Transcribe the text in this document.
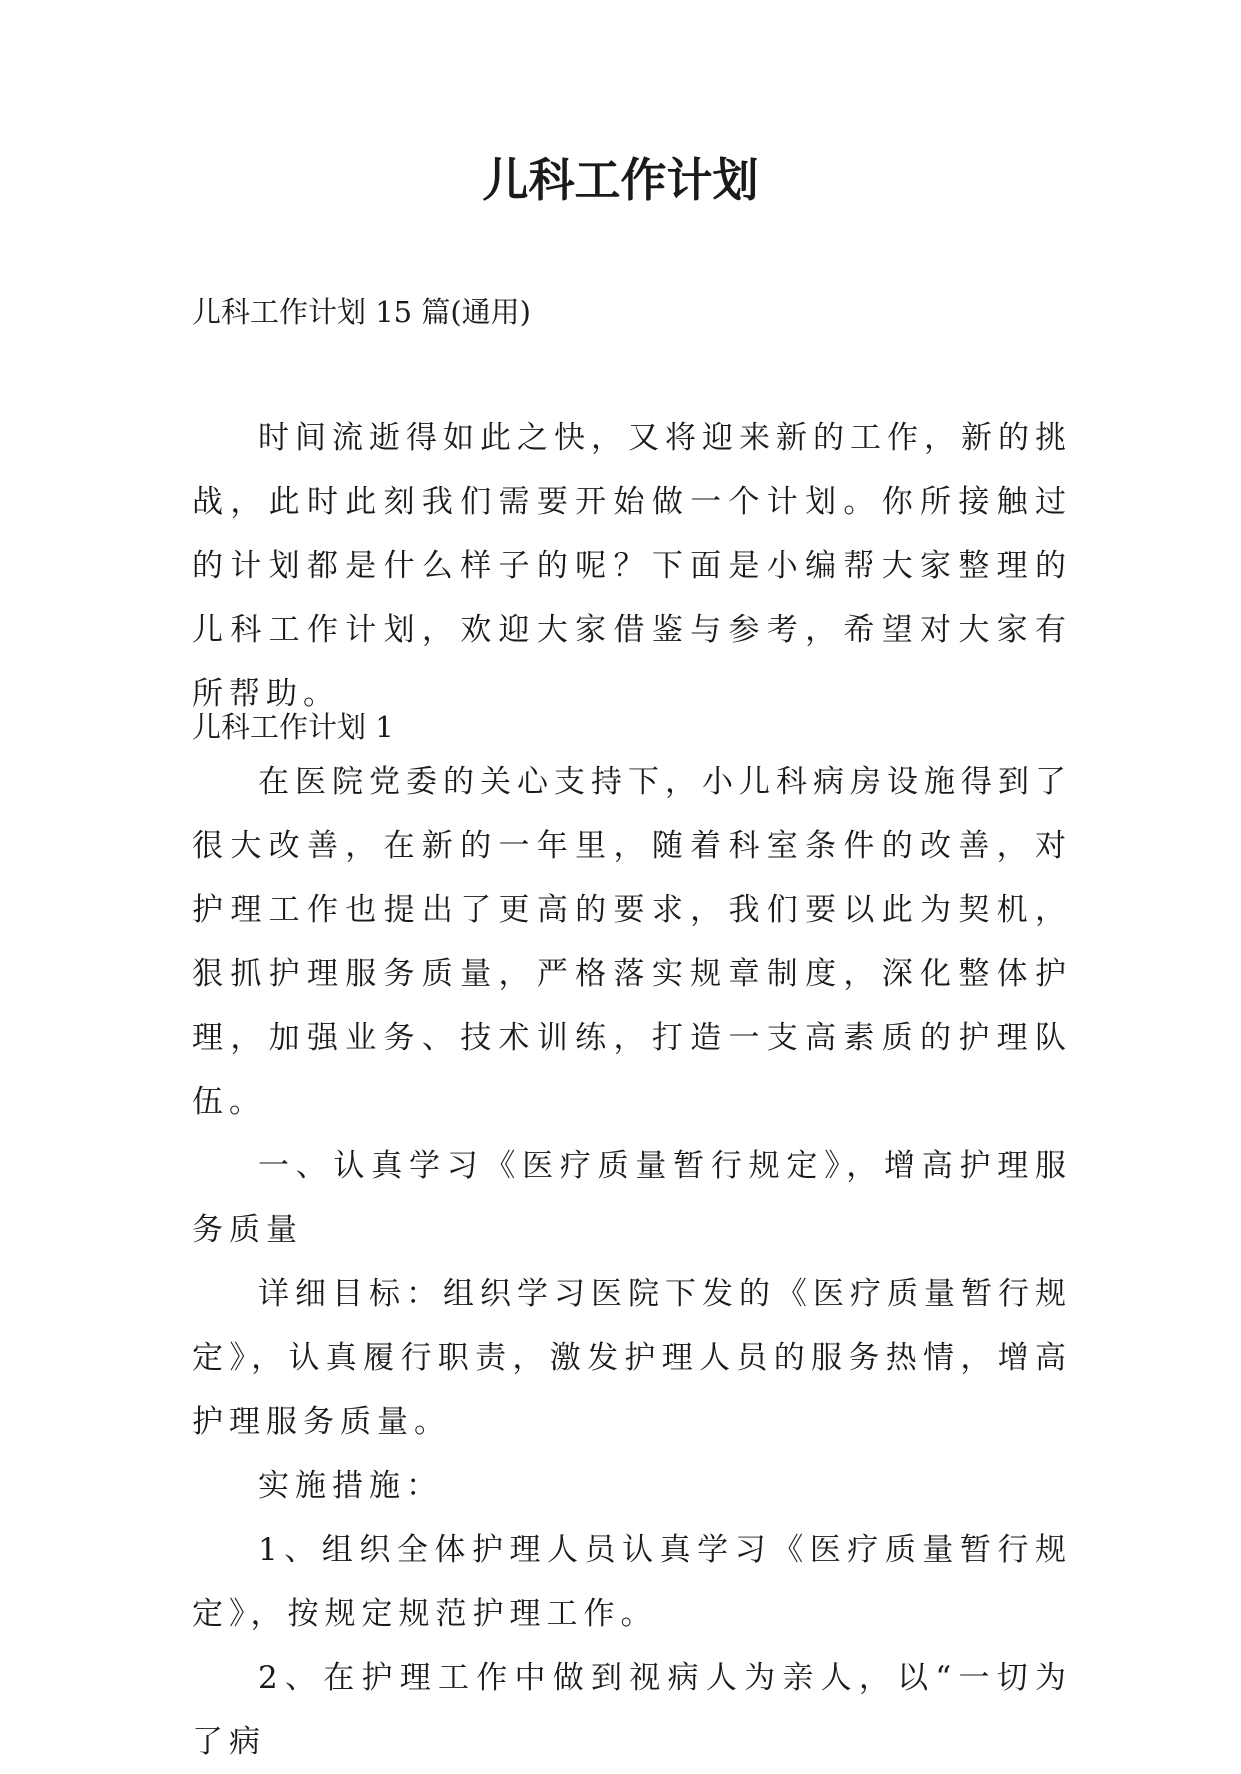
儿科工作计划

儿科工作计划 15 篇(通用)

时间流逝得如此之快，又将迎来新的工作，新的挑战，此时此刻我们需要开始做一个计划。你所接触过的计划都是什么样子的呢？下面是小编帮大家整理的儿科工作计划，欢迎大家借鉴与参考，希望对大家有所帮助。

儿科工作计划 1

在医院党委的关心支持下，小儿科病房设施得到了很大改善，在新的一年里，随着科室条件的改善，对护理工作也提出了更高的要求，我们要以此为契机，狠抓护理服务质量，严格落实规章制度，深化整体护理，加强业务、技术训练，打造一支高素质的护理队伍。

一、认真学习《医疗质量暂行规定》，增高护理服务质量

详细目标：组织学习医院下发的《医疗质量暂行规定》，认真履行职责，激发护理人员的服务热情，增高护理服务质量。

实施措施：

1、组织全体护理人员认真学习《医疗质量暂行规定》，按规定规范护理工作。

2、在护理工作中做到视病人为亲人，以“一切为了病
